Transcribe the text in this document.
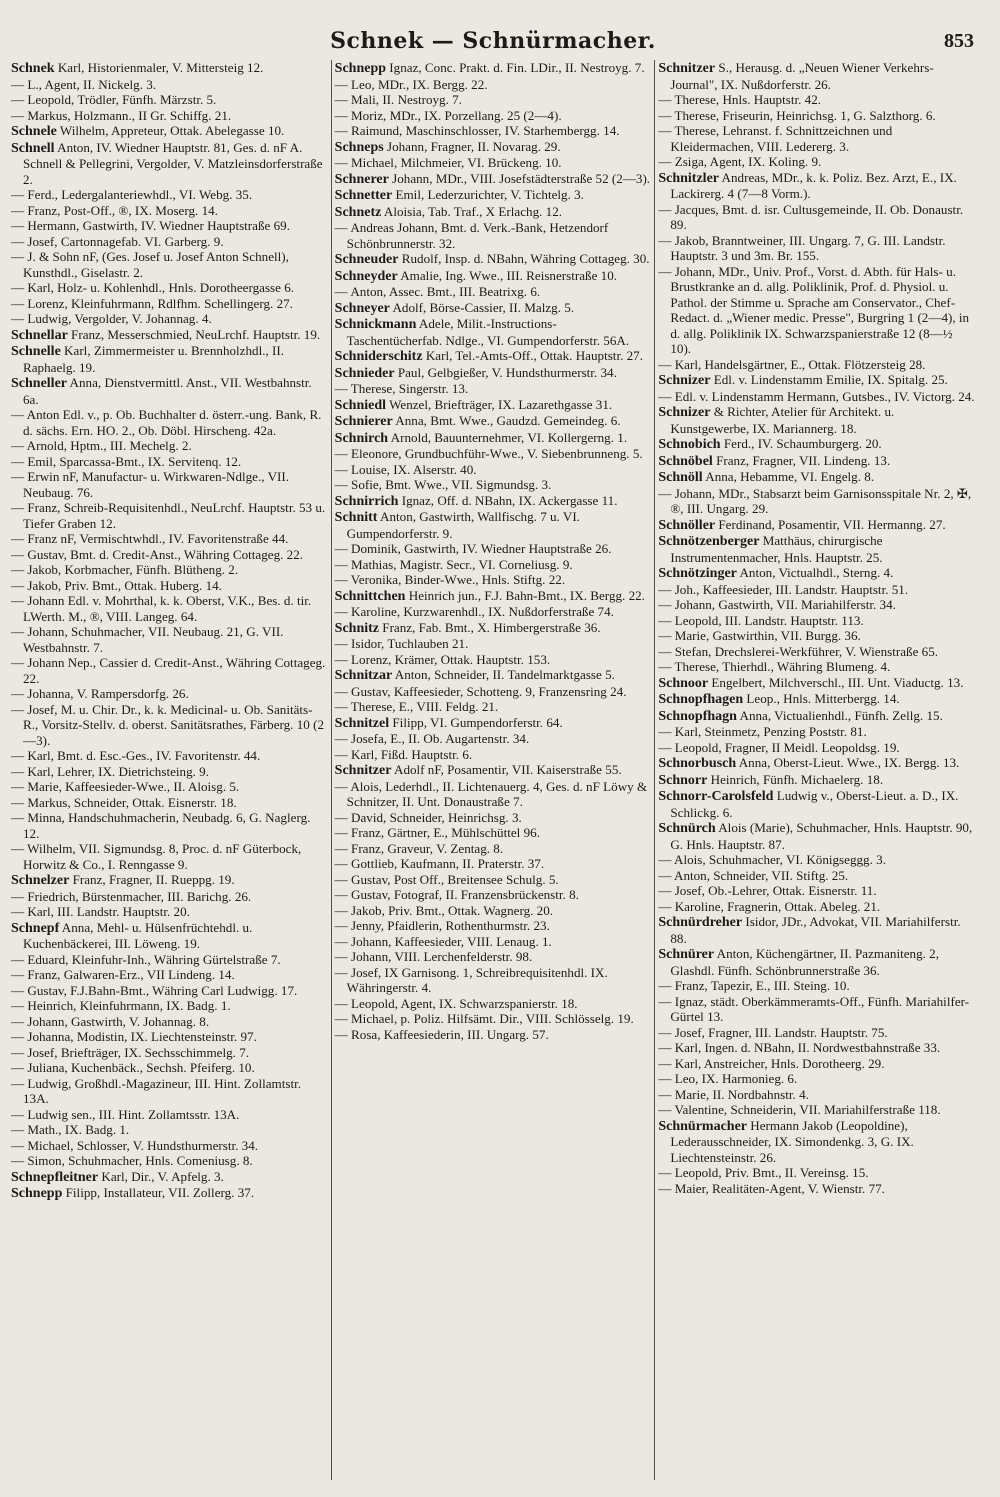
Schnek — Schnürmacher.	853

Schnek Karl, Historienmaler, V. Mittersteig 12.

— L., Agent, II. Nickelg. 3.

— Leopold, Trödler, Fünfh. Märzstr. 5.

— Markus, Holzmann., II Gr. Schiffg. 21.

Schnele Wilhelm, Appreteur, Ottak. Abelegasse 10.

Schnell Anton, IV. Wiedner Hauptstr. 81, Ges. d. nF A. Schnell & Pellegrini, Vergolder, V. Matzleinsdorferstraße 2.

— Ferd., Ledergalanteriewhdl., VI. Webg. 35.

— Franz, Post-Off., ®, IX. Moserg. 14.

— Hermann, Gastwirth, IV. Wiedner Hauptstraße 69.

— Josef, Cartonnagefab. VI. Garberg. 9.

— J. & Sohn nF, (Ges. Josef u. Josef Anton Schnell), Kunsthdl., Giselastr. 2.

— Karl, Holz- u. Kohlenhdl., Hnls. Dorotheergasse 6.

— Lorenz, Kleinfuhrmann, Rdlfhm. Schellingerg. 27.

— Ludwig, Vergolder, V. Johannag. 4.

Schnellar Franz, Messerschmied, NeuLrchf. Hauptstr. 19.

Schnelle Karl, Zimmermeister u. Brennholzhdl., II. Raphaelg. 19.

Schneller Anna, Dienstvermittl. Anst., VII. Westbahnstr. 6a.

— Anton Edl. v., p. Ob. Buchhalter d. österr.-ung. Bank, R. d. sächs. Ern. HO. 2., Ob. Döbl. Hirscheng. 42a.

— Arnold, Hptm., III. Mechelg. 2.

— Emil, Sparcassa-Bmt., IX. Servitenq. 12.

— Erwin nF, Manufactur- u. Wirkwaren-Ndlge., VII. Neubaug. 76.

— Franz, Schreib-Requisitenhdl., NeuLrchf. Hauptstr. 53 u. Tiefer Graben 12.

— Franz nF, Vermischtwhdl., IV. Favoritenstraße 44.

— Gustav, Bmt. d. Credit-Anst., Währing Cottageg. 22.

— Jakob, Korbmacher, Fünfh. Blütheng. 2.

— Jakob, Priv. Bmt., Ottak. Huberg. 14.

— Johann Edl. v. Mohrthal, k. k. Oberst, V.K., Bes. d. tir. LWerth. M., ®, VIII. Langeg. 64.

— Johann, Schuhmacher, VII. Neubaug. 21, G. VII. Westbahnstr. 7.

— Johann Nep., Cassier d. Credit-Anst., Währing Cottageg. 22.

— Johanna, V. Rampersdorfg. 26.

— Josef, M. u. Chir. Dr., k. k. Medicinal- u. Ob. Sanitäts-R., Vorsitz-Stellv. d. oberst. Sanitätsrathes, Färberg. 10 (2—3).

— Karl, Bmt. d. Esc.-Ges., IV. Favoritenstr. 44.

— Karl, Lehrer, IX. Dietrichsteing. 9.

— Marie, Kaffeesieder-Wwe., II. Aloisg. 5.

— Markus, Schneider, Ottak. Eisnerstr. 18.

— Minna, Handschuhmacherin, Neubadg. 6, G. Naglerg. 12.

— Wilhelm, VII. Sigmundsg. 8, Proc. d. nF Güterbock, Horwitz & Co., I. Renngasse 9.

Schnelzer Franz, Fragner, II. Rueppg. 19.

— Friedrich, Bürstenmacher, III. Barichg. 26.

— Karl, III. Landstr. Hauptstr. 20.

Schnepf Anna, Mehl- u. Hülsenfrüchtehdl. u. Kuchenbäckerei, III. Löweng. 19.

— Eduard, Kleinfuhr-Inh., Währing Gürtelstraße 7.

— Franz, Galwaren-Erz., VII Lindeng. 14.

— Gustav, F.J.Bahn-Bmt., Währing Carl Ludwigg. 17.

— Heinrich, Kleinfuhrmann, IX. Badg. 1.

— Johann, Gastwirth, V. Johannag. 8.

— Johanna, Modistin, IX. Liechtensteinstr. 97.

— Josef, Briefträger, IX. Sechsschimmelg. 7.

— Juliana, Kuchenbäck., Sechsh. Pfeiferg. 10.

— Ludwig, Großhdl.-Magazineur, III. Hint. Zollamtstr. 13A.

— Ludwig sen., III. Hint. Zollamtsstr. 13A.

— Math., IX. Badg. 1.

— Michael, Schlosser, V. Hundsthurmerstr. 34.

— Simon, Schuhmacher, Hnls. Comeniusg. 8.

Schnepfleitner Karl, Dir., V. Apfelg. 3.

Schnepp Filipp, Installateur, VII. Zollerg. 37.

Schnepp Ignaz, Conc. Prakt. d. Fin. LDir., II. Nestroyg. 7.

— Leo, MDr., IX. Bergg. 22.

— Mali, II. Nestroyg. 7.

— Moriz, MDr., IX. Porzellang. 25 (2—4).

— Raimund, Maschinschlosser, IV. Starhembergg. 14.

Schneps Johann, Fragner, II. Novarag. 29.

— Michael, Milchmeier, VI. Brückeng. 10.

Schnerer Johann, MDr., VIII. Josefstädterstraße 52 (2—3).

Schnetter Emil, Lederzurichter, V. Tichtelg. 3.

Schnetz Aloisia, Tab. Traf., X Erlachg. 12.

— Andreas Johann, Bmt. d. Verk.-Bank, Hetzendorf Schönbrunnerstr. 32.

Schneuder Rudolf, Insp. d. NBahn, Währing Cottageg. 30.

Schneyder Amalie, Ing. Wwe., III. Reisnerstraße 10.

— Anton, Assec. Bmt., III. Beatrixg. 6.

Schneyer Adolf, Börse-Cassier, II. Malzg. 5.

Schnickmann Adele, Milit.-Instructions-Taschentücherfab. Ndlge., VI. Gumpendorferstr. 56A.

Schniderschitz Karl, Tel.-Amts-Off., Ottak. Hauptstr. 27.

Schnieder Paul, Gelbgießer, V. Hundsthurmerstr. 34.

— Therese, Singerstr. 13.

Schniedl Wenzel, Briefträger, IX. Lazarethgasse 31.

Schnierer Anna, Bmt. Wwe., Gaudzd. Gemeindeg. 6.

Schnirch Arnold, Bauunternehmer, VI. Kollergerng. 1.

— Eleonore, Grundbuchführ-Wwe., V. Siebenbrunneng. 5.

— Louise, IX. Alserstr. 40.

— Sofie, Bmt. Wwe., VII. Sigmundsg. 3.

Schnirrich Ignaz, Off. d. NBahn, IX. Ackergasse 11.

Schnitt Anton, Gastwirth, Wallfischg. 7 u. VI. Gumpendorferstr. 9.

— Dominik, Gastwirth, IV. Wiedner Hauptstraße 26.

— Mathias, Magistr. Secr., VI. Corneliusg. 9.

— Veronika, Binder-Wwe., Hnls. Stiftg. 22.

Schnittchen Heinrich jun., F.J. Bahn-Bmt., IX. Bergg. 22.

— Karoline, Kurzwarenhdl., IX. Nußdorferstraße 74.

Schnitz Franz, Fab. Bmt., X. Himbergerstraße 36.

— Isidor, Tuchlauben 21.

— Lorenz, Krämer, Ottak. Hauptstr. 153.

Schnitzar Anton, Schneider, II. Tandelmarktgasse 5.

— Gustav, Kaffeesieder, Schotteng. 9, Franzensring 24.

— Therese, E., VIII. Feldg. 21.

Schnitzel Filipp, VI. Gumpendorferstr. 64.

— Josefa, E., II. Ob. Augartenstr. 34.

— Karl, Fißd. Hauptstr. 6.

Schnitzer Adolf nF, Posamentir, VII. Kaiserstraße 55.

— Alois, Lederhdl., II. Lichtenauerg. 4, Ges. d. nF Löwy & Schnitzer, II. Unt. Donaustraße 7.

— David, Schneider, Heinrichsg. 3.

— Franz, Gärtner, E., Mühlschüttel 96.

— Franz, Graveur, V. Zentag. 8.

— Gottlieb, Kaufmann, II. Praterstr. 37.

— Gustav, Post Off., Breitensee Schulg. 5.

— Gustav, Fotograf, II. Franzensbrückenstr. 8.

— Jakob, Priv. Bmt., Ottak. Wagnerg. 20.

— Jenny, Pfaidlerin, Rothenthurmstr. 23.

— Johann, Kaffeesieder, VIII. Lenaug. 1.

— Johann, VIII. Lerchenfelderstr. 98.

— Josef, IX Garnisong. 1, Schreibrequisitenhdl. IX. Währingerstr. 4.

— Leopold, Agent, IX. Schwarzspanierstr. 18.

— Michael, p. Poliz. Hilfsämt. Dir., VIII. Schlösselg. 19.

— Rosa, Kaffeesiederin, III. Ungarg. 57.

Schnitzer S., Herausg. d. „Neuen Wiener Verkehrs-Journal", IX. Nußdorferstr. 26.

— Therese, Hnls. Hauptstr. 42.

— Therese, Friseurin, Heinrichsg. 1, G. Salzthorg. 6.

— Therese, Lehranst. f. Schnittzeichnen und Kleidermachen, VIII. Ledererg. 3.

— Zsiga, Agent, IX. Koling. 9.

Schnitzler Andreas, MDr., k. k. Poliz. Bez. Arzt, E., IX. Lackirerg. 4 (7—8 Vorm.).

— Jacques, Bmt. d. isr. Cultusgemeinde, II. Ob. Donaustr. 89.

— Jakob, Branntweiner, III. Ungarg. 7, G. III. Landstr. Hauptstr. 3 und 3m. Br. 155.

— Johann, MDr., Univ. Prof., Vorst. d. Abth. für Hals- u. Brustkranke an d. allg. Poliklinik, Prof. d. Physiol. u. Pathol. der Stimme u. Sprache am Conservator., Chef-Redact. d. „Wiener medic. Presse", Burgring 1 (2—4), in d. allg. Poliklinik IX. Schwarzspanierstraße 12 (8—½ 10).

— Karl, Handelsgärtner, E., Ottak. Flötzersteig 28.

Schnizer Edl. v. Lindenstamm Emilie, IX. Spitalg. 25.

— Edl. v. Lindenstamm Hermann, Gutsbes., IV. Victorg. 24.

Schnizer & Richter, Atelier für Architekt. u. Kunstgewerbe, IX. Mariannerg. 18.

Schnobich Ferd., IV. Schaumburgerg. 20.

Schnöbel Franz, Fragner, VII. Lindeng. 13.

Schnöll Anna, Hebamme, VI. Engelg. 8.

— Johann, MDr., Stabsarzt beim Garnisonsspitale Nr. 2, ✠, ®, III. Ungarg. 29.

Schnöller Ferdinand, Posamentir, VII. Hermanng. 27.

Schnötzenberger Matthäus, chirurgische Instrumentenmacher, Hnls. Hauptstr. 25.

Schnötzinger Anton, Victualhdl., Sterng. 4.

— Joh., Kaffeesieder, III. Landstr. Hauptstr. 51.

— Johann, Gastwirth, VII. Mariahilferstr. 34.

— Leopold, III. Landstr. Hauptstr. 113.

— Marie, Gastwirthin, VII. Burgg. 36.

— Stefan, Drechslerei-Werkführer, V. Wienstraße 65.

— Therese, Thierhdl., Währing Blumeng. 4.

Schnoor Engelbert, Milchverschl., III. Unt. Viaductg. 13.

Schnopfhagen Leop., Hnls. Mitterbergg. 14.

Schnopfhagn Anna, Victualienhdl., Fünfh. Zellg. 15.

— Karl, Steinmetz, Penzing Poststr. 81.

— Leopold, Fragner, II Meidl. Leopoldsg. 19.

Schnorbusch Anna, Oberst-Lieut. Wwe., IX. Bergg. 13.

Schnorr Heinrich, Fünfh. Michaelerg. 18.

Schnorr-Carolsfeld Ludwig v., Oberst-Lieut. a. D., IX. Schlickg. 6.

Schnürch Alois (Marie), Schuhmacher, Hnls. Hauptstr. 90, G. Hnls. Hauptstr. 87.

— Alois, Schuhmacher, VI. Königseggg. 3.

— Anton, Schneider, VII. Stiftg. 25.

— Josef, Ob.-Lehrer, Ottak. Eisnerstr. 11.

— Karoline, Fragnerin, Ottak. Abeleg. 21.

Schnürdreher Isidor, JDr., Advokat, VII. Mariahilferstr. 88.

Schnürer Anton, Küchengärtner, II. Pazmaniteng. 2, Glashdl. Fünfh. Schönbrunnerstraße 36.

— Franz, Tapezir, E., III. Steing. 10.

— Ignaz, städt. Oberkämmeramts-Off., Fünfh. Mariahilfer-Gürtel 13.

— Josef, Fragner, III. Landstr. Hauptstr. 75.

— Karl, Ingen. d. NBahn, II. Nordwestbahnstraße 33.

— Karl, Anstreicher, Hnls. Dorotheerg. 29.

— Leo, IX. Harmonieg. 6.

— Marie, II. Nordbahnstr. 4.

— Valentine, Schneiderin, VII. Mariahilferstraße 118.

Schnürmacher Hermann Jakob (Leopoldine), Lederausschneider, IX. Simondenkg. 3, G. IX. Liechtensteinstr. 26.

— Leopold, Priv. Bmt., II. Vereinsg. 15.

— Maier, Realitäten-Agent, V. Wienstr. 77.
